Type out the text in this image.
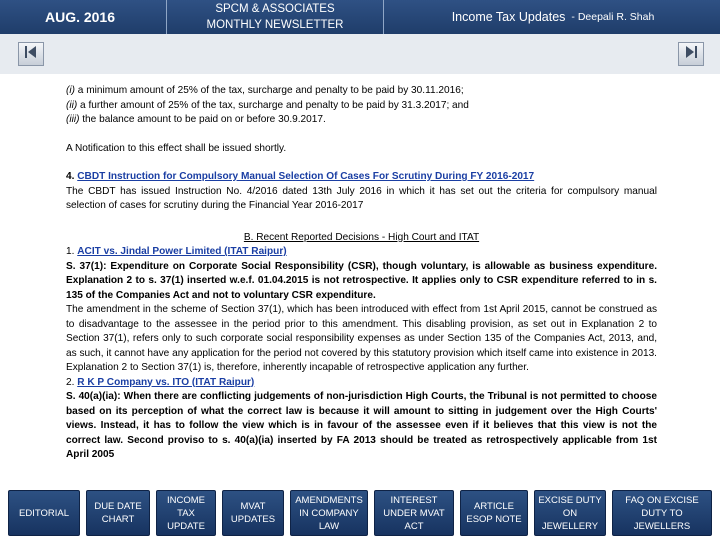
AUG. 2016	SPCM & ASSOCIATES
MONTHLY NEWSLETTER
Income Tax Updates - Deepali R. Shah

(i) a minimum amount of 25% of the tax, surcharge and penalty to be paid by 30.11.2016;

(ii) a further amount of 25% of the tax, surcharge and penalty to be paid by 31.3.2017; and

(iii) the balance amount to be paid on or before 30.9.2017.

A Notification to this effect shall be issued shortly.

4. CBDT Instruction for Compulsory Manual Selection Of Cases For Scrutiny During FY 2016-2017

The CBDT has issued Instruction No. 4/2016 dated 13th July 2016 in which it has set out the criteria for compulsory manual selection of cases for scrutiny during the Financial Year 2016-2017

B. Recent Reported Decisions - High Court and ITAT

1. ACIT vs. Jindal Power Limited (ITAT Raipur)

S. 37(1): Expenditure on Corporate Social Responsibility (CSR), though voluntary, is allowable as business expenditure. Explanation 2 to s. 37(1) inserted w.e.f. 01.04.2015 is not retrospective. It applies only to CSR expenditure referred to in s. 135 of the Companies Act and not to voluntary CSR expenditure.

The amendment in the scheme of Section 37(1), which has been introduced with effect from 1st April 2015, cannot be construed as to disadvantage to the assessee in the period prior to this amendment. This disabling provision, as set out in Explanation 2 to Section 37(1), refers only to such corporate social responsibility expenses as under Section 135 of the Companies Act, 2013, and, as such, it cannot have any application for the period not covered by this statutory provision which itself came into existence in 2013. Explanation 2 to Section 37(1) is, therefore, inherently incapable of retrospective application any further.

2. R K P Company vs. ITO (ITAT Raipur)

S. 40(a)(ia): When there are conflicting judgements of non-jurisdiction High Courts, the Tribunal is not permitted to choose based on its perception of what the correct law is because it will amount to sitting in judgement over the High Courts' views. Instead, it has to follow the view which is in favour of the assessee even if it believes that this view is not the correct law. Second proviso to s. 40(a)(ia) inserted by FA 2013 should be treated as retrospectively applicable from 1st April 2005

EDITORIAL
DUE DATE CHART
INCOME TAX UPDATE
MVAT UPDATES
AMENDMENTS IN COMPANY LAW
INTEREST UNDER MVAT ACT
ARTICLE ESOP NOTE
EXCISE DUTY ON JEWELLERY
FAQ ON EXCISE DUTY TO JEWELLERS
